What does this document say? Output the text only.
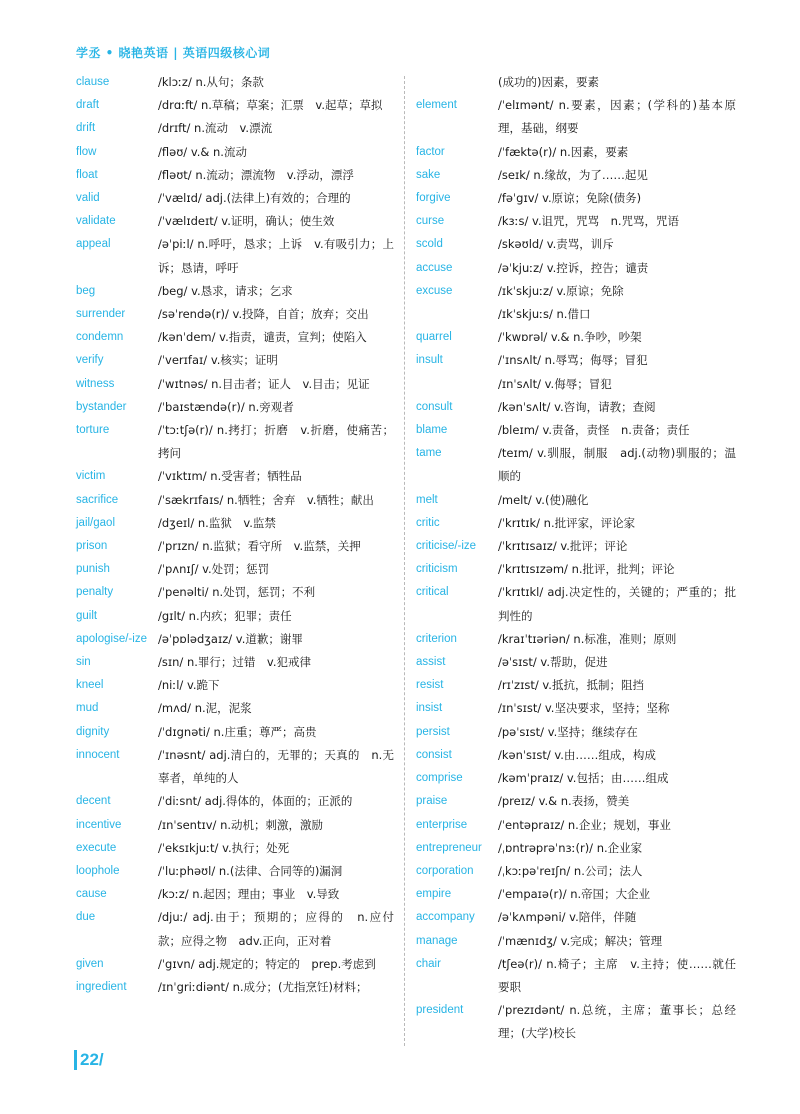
学丞 • 晓艳英语 | 英语四级核心词
clause	/klɔːz/ n.从句；条款
draft	/drɑːft/ n.草稿；草案；汇票　v.起草；草拟
drift	/drɪft/ n.流动　v.漂流
flow	/fləʊ/ v.& n.流动
float	/fləʊt/ n.流动；漂流物　v.浮动，漂浮
valid	/ˈvælɪd/ adj.(法律上)有效的；合理的
validate	/ˈvælɪdeɪt/ v.证明，确认；使生效
appeal	/əˈpiːl/ n.呼吁，恳求；上诉　v.有吸引力；上诉；恳请，呼吁
beg	/beg/ v.恳求，请求；乞求
surrender	/səˈrendə(r)/ v.投降，自首；放弃；交出
condemn	/kənˈdem/ v.指责，谴责，宣判；使陷入
verify	/ˈverɪfaɪ/ v.核实；证明
witness	/ˈwɪtnəs/ n.目击者；证人　v.目击；见证
bystander	/ˈbaɪstændə(r)/ n.旁观者
torture	/ˈtɔːtʃə(r)/ n.拷打；折磨　v.折磨，使痛苦；拷问
victim	/ˈvɪktɪm/ n.受害者；牺牲品
sacrifice	/ˈsækrɪfaɪs/ n.牺牲；舍弃　v.牺牲；献出
jail/gaol	/dʒeɪl/ n.监狱　v.监禁
prison	/ˈprɪzn/ n.监狱；看守所　v.监禁，关押
punish	/ˈpʌnɪʃ/ v.处罚；惩罚
penalty	/ˈpenəlti/ n.处罚，惩罚；不利
guilt	/gɪlt/ n.内疚；犯罪；责任
apologise/-ize /əˈpɒlədʒaɪz/ v.道歉；谢罪
sin	/sɪn/ n.罪行；过错　v.犯戒律
kneel	/niːl/ v.跪下
mud	/mʌd/ n.泥，泥浆
dignity	/ˈdɪgnəti/ n.庄重；尊严；高贵
innocent	/ˈɪnəsnt/ adj.清白的，无罪的；天真的　n.无辜者，单纯的人
decent	/ˈdiːsnt/ adj.得体的，体面的；正派的
incentive	/ɪnˈsentɪv/ n.动机；刺激，激励
execute	/ˈeksɪkjuːt/ v.执行；处死
loophole	/ˈluːphəʊl/ n.(法律、合同等的)漏洞
cause	/kɔːz/ n.起因；理由；事业　v.导致
due	/djuː/ adj.由于；预期的；应得的　n.应付款；应得之物　adv.正向，正对着
given	/ˈgɪvn/ adj.规定的；特定的　prep.考虑到
ingredient	/ɪnˈgriːdiənt/ n.成分；(尤指烹饪)材料；
(成功的)因素，要素
element	/ˈelɪmənt/ n.要素，因素；(学科的)基本原理，基础，纲要
factor	/ˈfæktə(r)/ n.因素，要素
sake	/seɪk/ n.缘故，为了……起见
forgive	/fəˈgɪv/ v.原谅；免除(债务)
curse	/kɜːs/ v.诅咒，咒骂　n.咒骂，咒语
scold	/skəʊld/ v.责骂，训斥
accuse	/əˈkjuːz/ v.控诉，控告；谴责
excuse	/ɪkˈskjuːz/ v.原谅；免除
/ɪkˈskjuːs/ n.借口
quarrel	/ˈkwɒrəl/ v.& n.争吵，吵架
insult	/ˈɪnsʌlt/ n.辱骂；侮辱；冒犯
/ɪnˈsʌlt/ v.侮辱；冒犯
consult	/kənˈsʌlt/ v.咨询，请教；查阅
blame	/bleɪm/ v.责备，责怪　n.责备；责任
tame	/teɪm/ v.驯服，制服　adj.(动物)驯服的；温顺的
melt	/melt/ v.(使)融化
critic	/ˈkrɪtɪk/ n.批评家，评论家
criticise/-ize /ˈkrɪtɪsaɪz/ v.批评；评论
criticism	/ˈkrɪtɪsɪzəm/ n.批评，批判；评论
critical	/ˈkrɪtɪkl/ adj.决定性的，关键的；严重的；批判性的
criterion	/kraɪˈtɪəriən/ n.标准，准则；原则
assist	/əˈsɪst/ v.帮助，促进
resist	/rɪˈzɪst/ v.抵抗，抵制；阻挡
insist	/ɪnˈsɪst/ v.坚决要求，坚持；坚称
persist	/pəˈsɪst/ v.坚持；继续存在
consist	/kənˈsɪst/ v.由……组成，构成
comprise	/kəmˈpraɪz/ v.包括；由……组成
praise	/preɪz/ v.& n.表扬，赞美
enterprise	/ˈentəpraɪz/ n.企业；规划，事业
entrepreneur /ˌɒntrəprəˈnɜː(r)/ n.企业家
corporation /ˌkɔːpəˈreɪʃn/ n.公司；法人
empire	/ˈempaɪə(r)/ n.帝国；大企业
accompany /əˈkʌmpəni/ v.陪伴，伴随
manage	/ˈmænɪdʒ/ v.完成；解决；管理
chair	/tʃeə(r)/ n.椅子；主席　v.主持；使……就任要职
president	/ˈprezɪdənt/ n.总统，主席；董事长；总经理；(大学)校长
22/
